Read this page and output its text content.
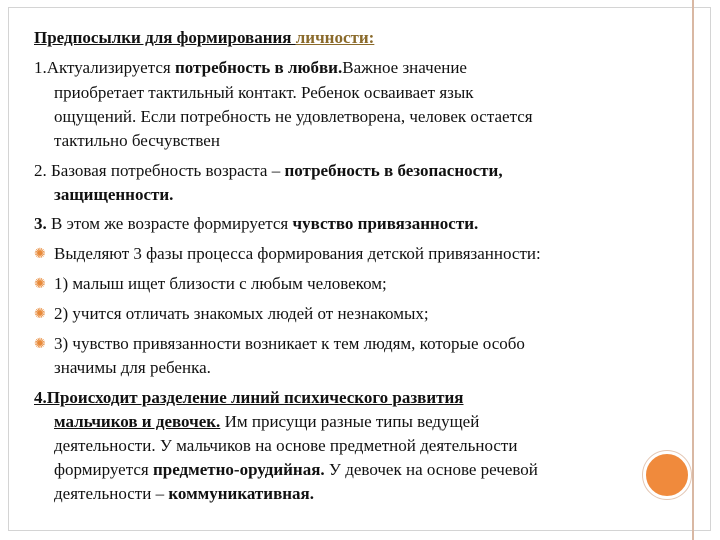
Предпосылки для формирования личности:
1.Актуализируется потребность в любви.Важное значение
приобретает тактильный контакт. Ребенок осваивает язык
ощущений. Если потребность не удовлетворена, человек остается
тактильно бесчувствен
2. Базовая потребность возраста – потребность в безопасности,
защищенности.
3. В этом же возрасте формируется чувство привязанности.
✺ Выделяют 3 фазы процесса формирования детской привязанности:
✺ 1) малыш ищет близости с любым человеком;
✺ 2) учится отличать знакомых людей от незнакомых;
✺ 3) чувство привязанности возникает к тем людям, которые особо
значимы для ребенка.
4.Происходит разделение линий психического развития
мальчиков и девочек. Им присущи разные типы ведущей
деятельности. У мальчиков на основе предметной деятельности
формируется предметно-орудийная. У девочек на основе речевой
деятельности – коммуникативная.
